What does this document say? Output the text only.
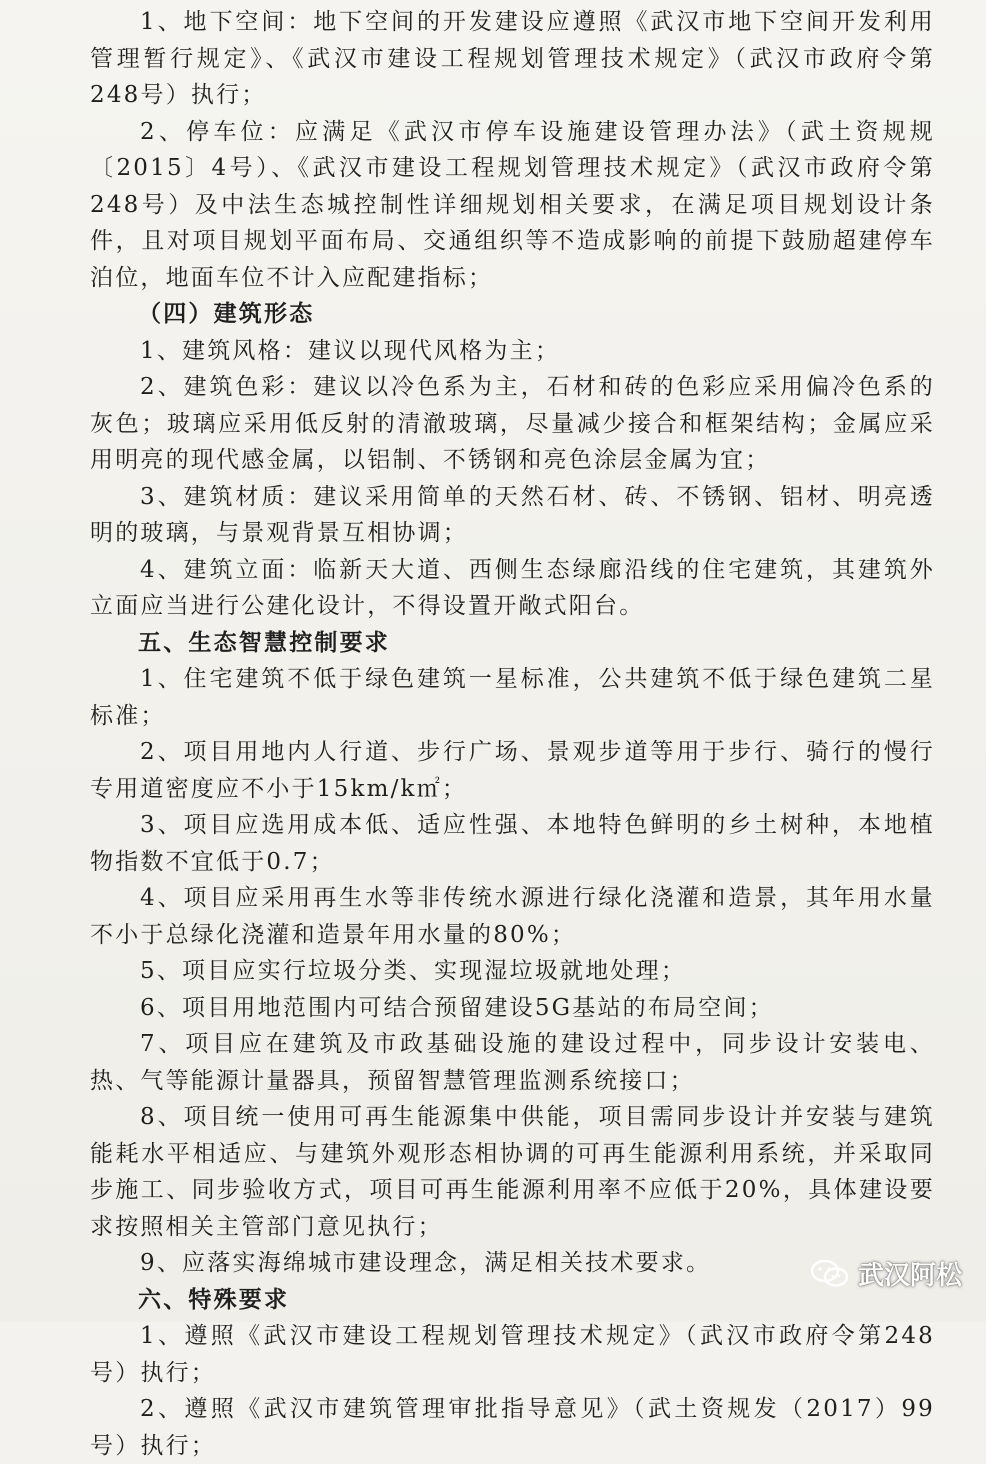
1、地下空间：地下空间的开发建设应遵照《武汉市地下空间开发利用管理暂行规定》、《武汉市建设工程规划管理技术规定》（武汉市政府令第248号）执行；

2、停车位：应满足《武汉市停车设施建设管理办法》（武土资规规〔2015〕4号）、《武汉市建设工程规划管理技术规定》（武汉市政府令第248号）及中法生态城控制性详细规划相关要求，在满足项目规划设计条件，且对项目规划平面布局、交通组织等不造成影响的前提下鼓励超建停车泊位，地面车位不计入应配建指标；

（四）建筑形态

1、建筑风格：建议以现代风格为主；

2、建筑色彩：建议以冷色系为主，石材和砖的色彩应采用偏冷色系的灰色；玻璃应采用低反射的清澈玻璃，尽量减少接合和框架结构；金属应采用明亮的现代感金属，以铝制、不锈钢和亮色涂层金属为宜；

3、建筑材质：建议采用简单的天然石材、砖、不锈钢、铝材、明亮透明的玻璃，与景观背景互相协调；

4、建筑立面：临新天大道、西侧生态绿廊沿线的住宅建筑，其建筑外立面应当进行公建化设计，不得设置开敞式阳台。

五、生态智慧控制要求

1、住宅建筑不低于绿色建筑一星标准，公共建筑不低于绿色建筑二星标准；

2、项目用地内人行道、步行广场、景观步道等用于步行、骑行的慢行专用道密度应不小于15km/k㎡；

3、项目应选用成本低、适应性强、本地特色鲜明的乡土树种，本地植物指数不宜低于0.7；

4、项目应采用再生水等非传统水源进行绿化浇灌和造景，其年用水量不小于总绿化浇灌和造景年用水量的80%；

5、项目应实行垃圾分类、实现湿垃圾就地处理；

6、项目用地范围内可结合预留建设5G基站的布局空间；

7、项目应在建筑及市政基础设施的建设过程中，同步设计安装电、热、气等能源计量器具，预留智慧管理监测系统接口；

8、项目统一使用可再生能源集中供能，项目需同步设计并安装与建筑能耗水平相适应、与建筑外观形态相协调的可再生能源利用系统，并采取同步施工、同步验收方式，项目可再生能源利用率不应低于20%，具体建设要求按照相关主管部门意见执行；

9、应落实海绵城市建设理念，满足相关技术要求。

六、特殊要求

1、遵照《武汉市建设工程规划管理技术规定》（武汉市政府令第248号）执行；

2、遵照《武汉市建筑管理审批指导意见》（武土资规发（2017）99号）执行；

武汉阿松
